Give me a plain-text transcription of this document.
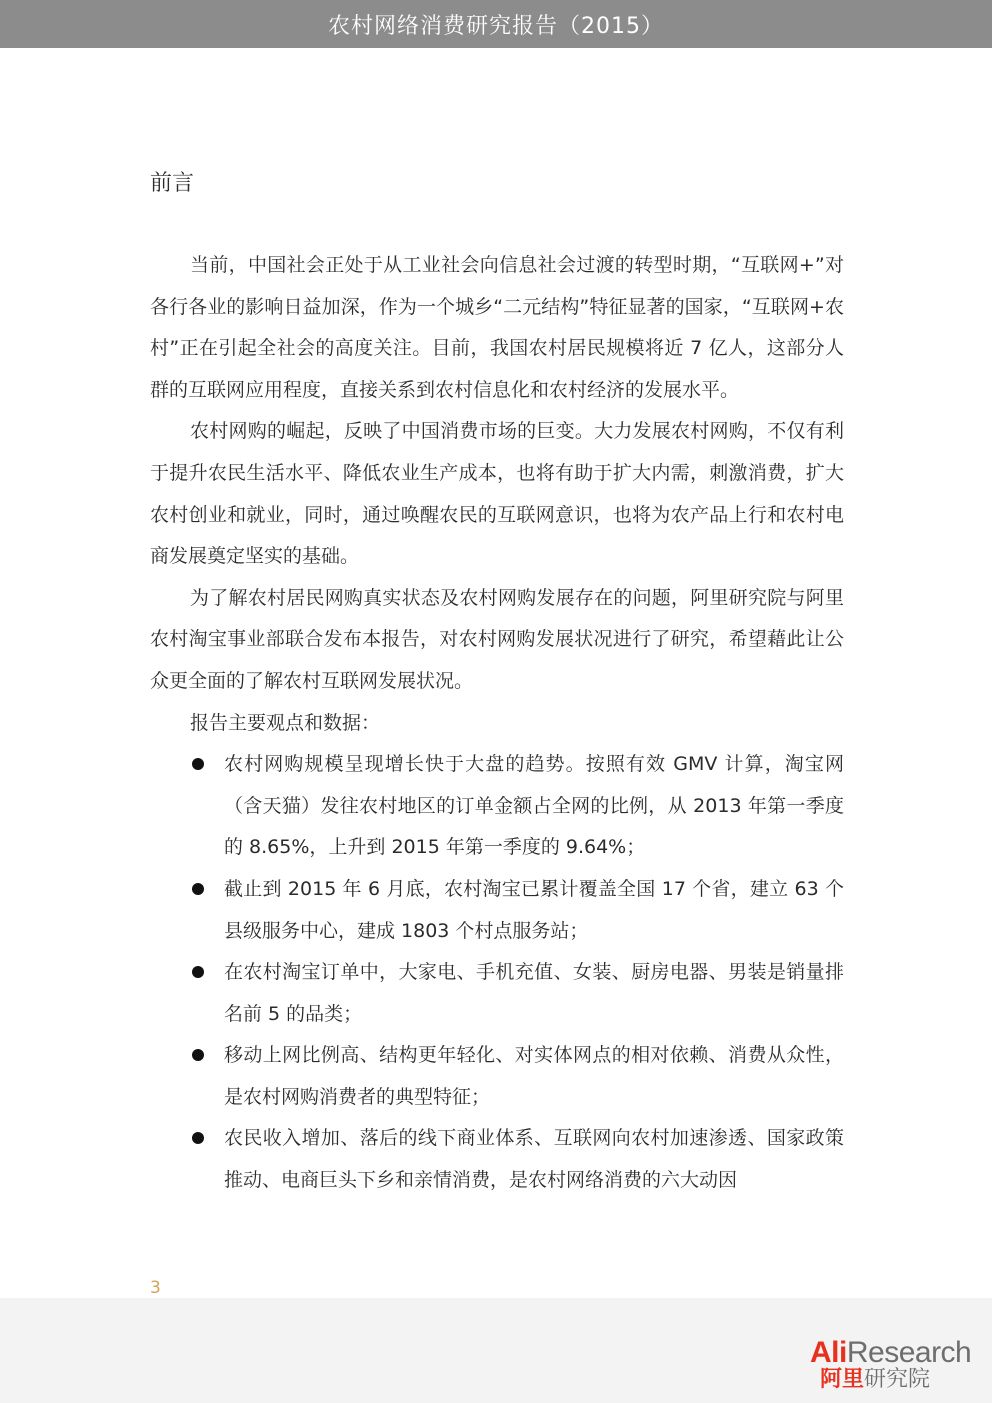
农村网络消费研究报告（2015）
前言

当前，中国社会正处于从工业社会向信息社会过渡的转型时期，“互联网+”对各行各业的影响日益加深，作为一个城乡“二元结构”特征显著的国家，“互联网+农村”正在引起全社会的高度关注。目前，我国农村居民规模将近 7 亿人，这部分人群的互联网应用程度，直接关系到农村信息化和农村经济的发展水平。

农村网购的崛起，反映了中国消费市场的巨变。大力发展农村网购，不仅有利于提升农民生活水平、降低农业生产成本，也将有助于扩大内需，刺激消费，扩大农村创业和就业，同时，通过唤醒农民的互联网意识，也将为农产品上行和农村电商发展奠定坚实的基础。

为了解农村居民网购真实状态及农村网购发展存在的问题，阿里研究院与阿里农村淘宝事业部联合发布本报告，对农村网购发展状况进行了研究，希望藉此让公众更全面的了解农村互联网发展状况。

报告主要观点和数据：

农村网购规模呈现增长快于大盘的趋势。按照有效 GMV 计算，淘宝网（含天猫）发往农村地区的订单金额占全网的比例，从 2013 年第一季度的 8.65%，上升到 2015 年第一季度的 9.64%；
截止到 2015 年 6 月底，农村淘宝已累计覆盖全国 17 个省，建立 63 个县级服务中心，建成 1803 个村点服务站；
在农村淘宝订单中，大家电、手机充值、女装、厨房电器、男装是销量排名前 5 的品类；
移动上网比例高、结构更年轻化、对实体网点的相对依赖、消费从众性，是农村网购消费者的典型特征；
农民收入增加、落后的线下商业体系、互联网向农村加速渗透、国家政策推动、电商巨头下乡和亲情消费，是农村网络消费的六大动因
3
AliResearch
阿里研究院
